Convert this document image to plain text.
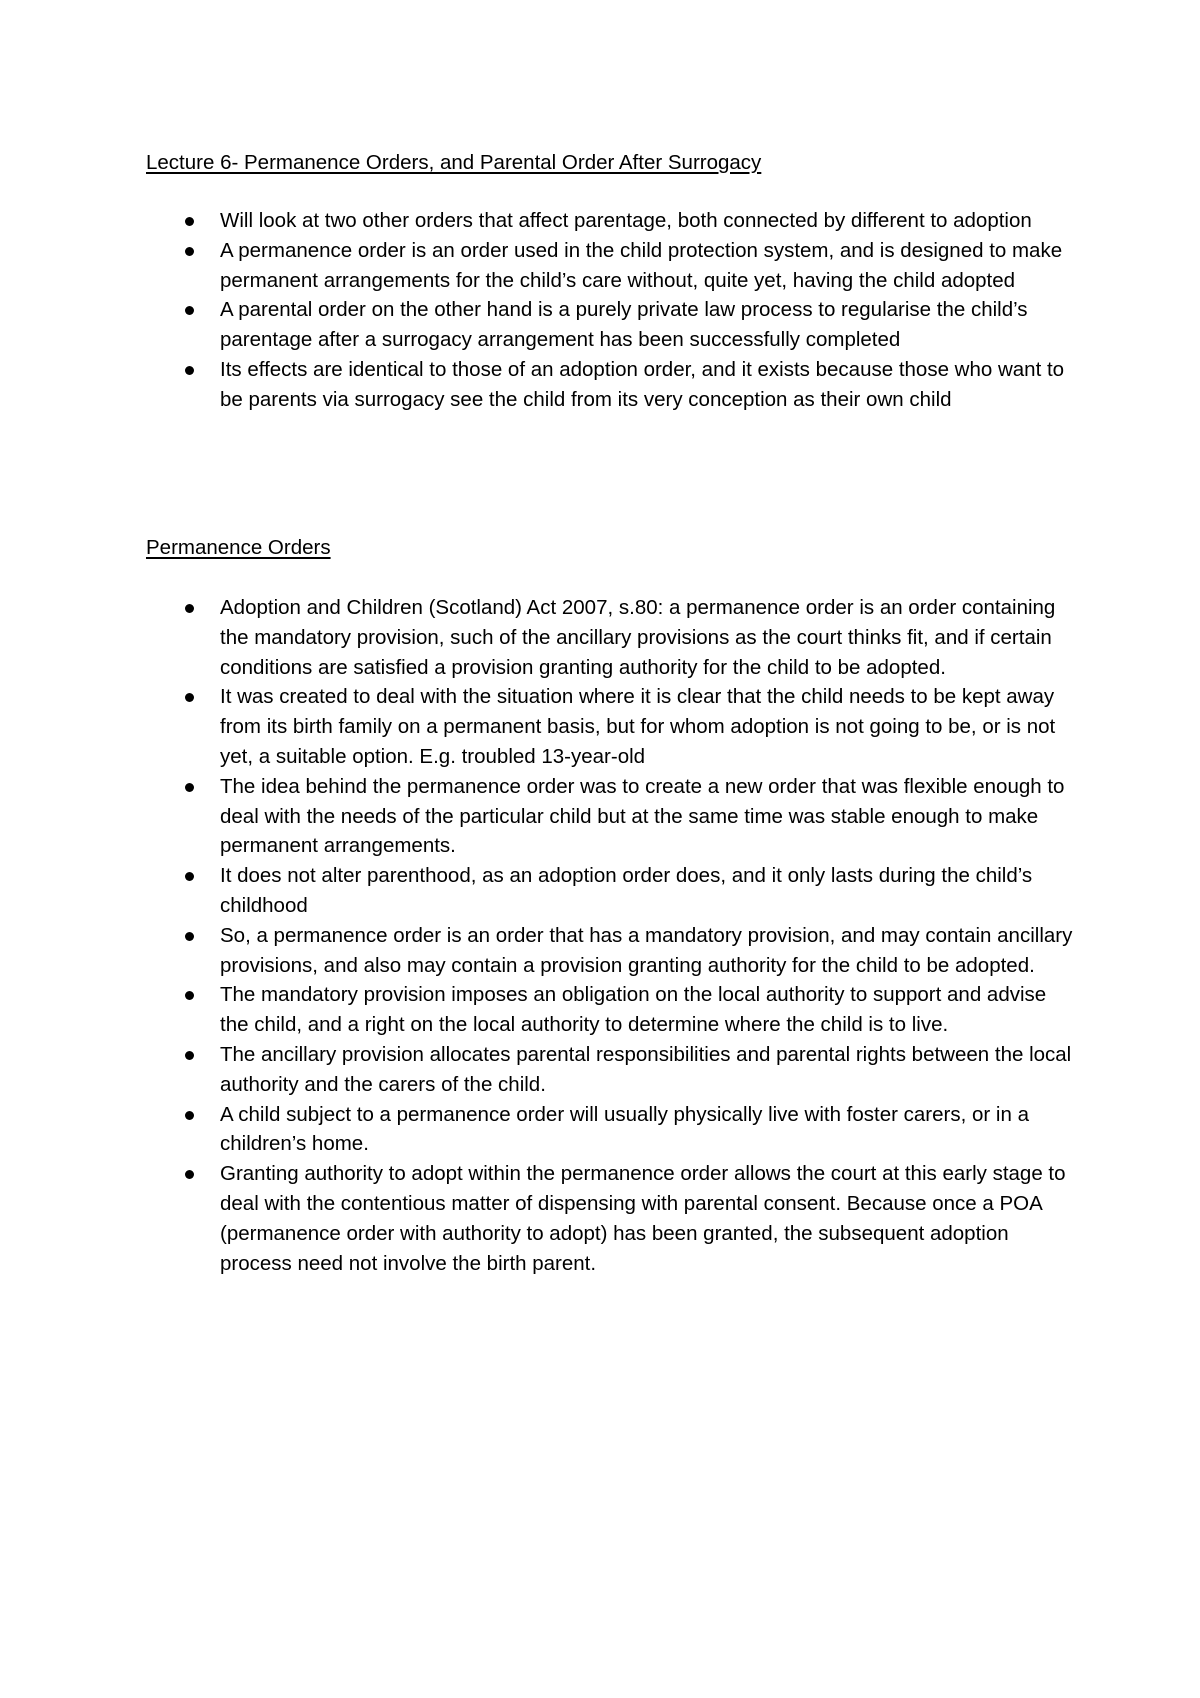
Lecture 6- Permanence Orders, and Parental Order After Surrogacy
Will look at two other orders that affect parentage, both connected by different to adoption
A permanence order is an order used in the child protection system, and is designed to make permanent arrangements for the child’s care without, quite yet, having the child adopted
A parental order on the other hand is a purely private law process to regularise the child’s parentage after a surrogacy arrangement has been successfully completed
Its effects are identical to those of an adoption order, and it exists because those who want to be parents via surrogacy see the child from its very conception as their own child
Permanence Orders
Adoption and Children (Scotland) Act 2007, s.80: a permanence order is an order containing the mandatory provision, such of the ancillary provisions as the court thinks fit, and if certain conditions are satisfied a provision granting authority for the child to be adopted.
It was created to deal with the situation where it is clear that the child needs to be kept away from its birth family on a permanent basis, but for whom adoption is not going to be, or is not yet, a suitable option. E.g. troubled 13-year-old
The idea behind the permanence order was to create a new order that was flexible enough to deal with the needs of the particular child but at the same time was stable enough to make permanent arrangements.
It does not alter parenthood, as an adoption order does, and it only lasts during the child’s childhood
So, a permanence order is an order that has a mandatory provision, and may contain ancillary provisions, and also may contain a provision granting authority for the child to be adopted.
The mandatory provision imposes an obligation on the local authority to support and advise the child, and a right on the local authority to determine where the child is to live.
The ancillary provision allocates parental responsibilities and parental rights between the local authority and the carers of the child.
A child subject to a permanence order will usually physically live with foster carers, or in a children’s home.
Granting authority to adopt within the permanence order allows the court at this early stage to deal with the contentious matter of dispensing with parental consent. Because once a POA (permanence order with authority to adopt) has been granted, the subsequent adoption process need not involve the birth parent.
